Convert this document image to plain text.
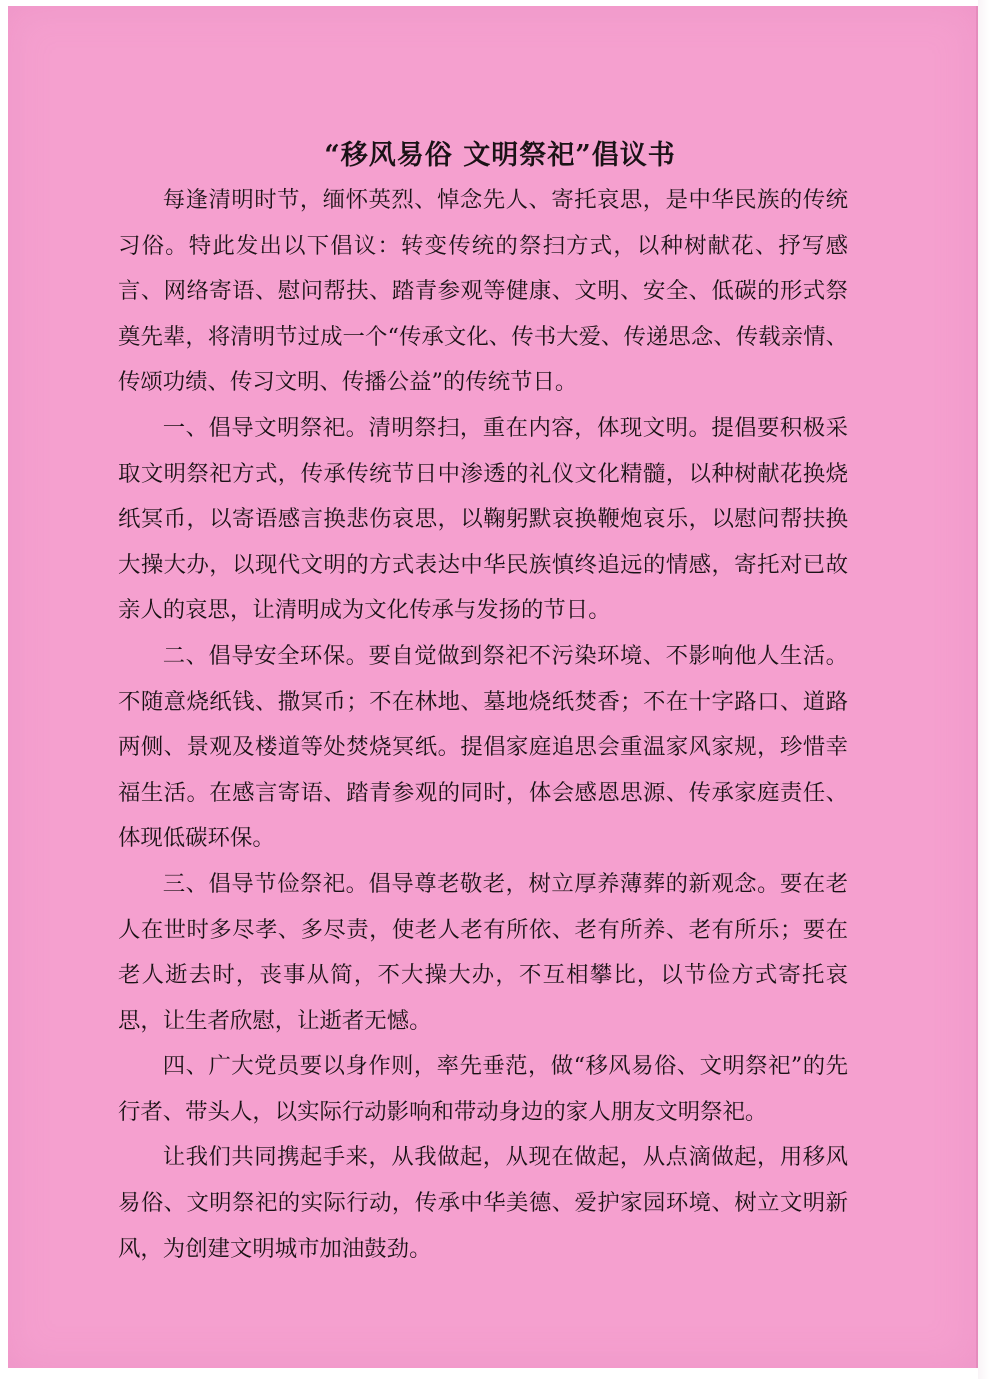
“移风易俗 文明祭祀”倡议书

每逢清明时节，缅怀英烈、悼念先人、寄托哀思，是中华民族的传统习俗。特此发出以下倡议：转变传统的祭扫方式，以种树献花、抒写感言、网络寄语、慰问帮扶、踏青参观等健康、文明、安全、低碳的形式祭奠先辈，将清明节过成一个“传承文化、传书大爱、传递思念、传载亲情、传颂功绩、传习文明、传播公益”的传统节日。

一、倡导文明祭祀。清明祭扫，重在内容，体现文明。提倡要积极采取文明祭祀方式，传承传统节日中渗透的礼仪文化精髓，以种树献花换烧纸冥币，以寄语感言换悲伤哀思，以鞠躬默哀换鞭炮哀乐，以慰问帮扶换大操大办，以现代文明的方式表达中华民族慎终追远的情感，寄托对已故亲人的哀思，让清明成为文化传承与发扬的节日。

二、倡导安全环保。要自觉做到祭祀不污染环境、不影响他人生活。不随意烧纸钱、撒冥币；不在林地、墓地烧纸焚香；不在十字路口、道路两侧、景观及楼道等处焚烧冥纸。提倡家庭追思会重温家风家规，珍惜幸福生活。在感言寄语、踏青参观的同时，体会感恩思源、传承家庭责任、体现低碳环保。

三、倡导节俭祭祀。倡导尊老敬老，树立厚养薄葬的新观念。要在老人在世时多尽孝、多尽责，使老人老有所依、老有所养、老有所乐；要在老人逝去时，丧事从简，不大操大办，不互相攀比，以节俭方式寄托哀思，让生者欣慰，让逝者无憾。

四、广大党员要以身作则，率先垂范，做“移风易俗、文明祭祀”的先行者、带头人，以实际行动影响和带动身边的家人朋友文明祭祀。

让我们共同携起手来，从我做起，从现在做起，从点滴做起，用移风易俗、文明祭祀的实际行动，传承中华美德、爱护家园环境、树立文明新风，为创建文明城市加油鼓劲。
